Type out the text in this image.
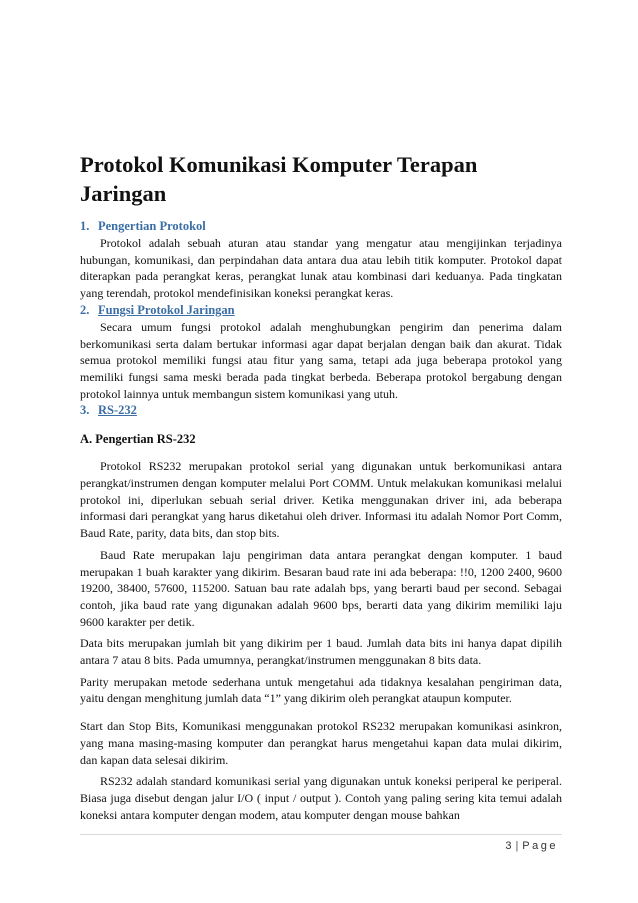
Protokol Komunikasi Komputer Terapan Jaringan
1. Pengertian Protokol

Protokol adalah sebuah aturan atau standar yang mengatur atau mengijinkan terjadinya hubungan, komunikasi, dan perpindahan data antara dua atau lebih titik komputer. Protokol dapat diterapkan pada perangkat keras, perangkat lunak atau kombinasi dari keduanya. Pada tingkatan yang terendah, protokol mendefinisikan koneksi perangkat keras.

2. Fungsi Protokol Jaringan

Secara umum fungsi protokol adalah menghubungkan pengirim dan penerima dalam berkomunikasi serta dalam bertukar informasi agar dapat berjalan dengan baik dan akurat. Tidak semua protokol memiliki fungsi atau fitur yang sama, tetapi ada juga beberapa protokol yang memiliki fungsi sama meski berada pada tingkat berbeda. Beberapa protokol bergabung dengan protokol lainnya untuk membangun sistem komunikasi yang utuh.

3. RS-232
A. Pengertian RS-232

Protokol RS232 merupakan protokol serial yang digunakan untuk berkomunikasi antara perangkat/instrumen dengan komputer melalui Port COMM. Untuk melakukan komunikasi melalui protokol ini, diperlukan sebuah serial driver. Ketika menggunakan driver ini, ada beberapa informasi dari perangkat yang harus diketahui oleh driver. Informasi itu adalah Nomor Port Comm, Baud Rate, parity, data bits, dan stop bits.

Baud Rate merupakan laju pengiriman data antara perangkat dengan komputer. 1 baud merupakan 1 buah karakter yang dikirim. Besaran baud rate ini ada beberapa: !!0, 1200 2400, 9600 19200, 38400, 57600, 115200. Satuan bau rate adalah bps, yang berarti baud per second. Sebagai contoh, jika baud rate yang digunakan adalah 9600 bps, berarti data yang dikirim memiliki laju 9600 karakter per detik.

Data bits merupakan jumlah bit yang dikirim per 1 baud. Jumlah data bits ini hanya dapat dipilih antara 7 atau 8 bits. Pada umumnya, perangkat/instrumen menggunakan 8 bits data.

Parity merupakan metode sederhana untuk mengetahui ada tidaknya kesalahan pengiriman data, yaitu dengan menghitung jumlah data “1” yang dikirim oleh perangkat ataupun komputer.

Start dan Stop Bits, Komunikasi menggunakan protokol RS232 merupakan komunikasi asinkron, yang mana masing-masing komputer dan perangkat harus mengetahui kapan data mulai dikirim, dan kapan data selesai dikirim.

RS232 adalah standard komunikasi serial yang digunakan untuk koneksi periperal ke periperal. Biasa juga disebut dengan jalur I/O ( input / output ). Contoh yang paling sering kita temui adalah koneksi antara komputer dengan modem, atau komputer dengan mouse bahkan

3 | Page
